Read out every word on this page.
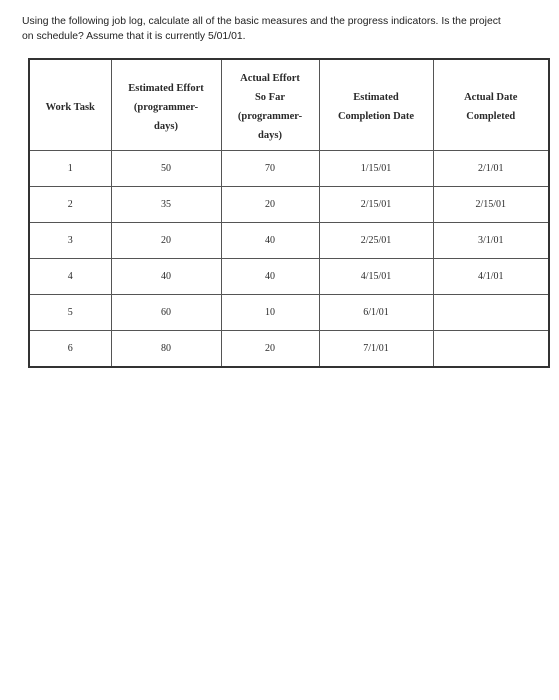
Using the following job log, calculate all of the basic measures and the progress indicators. Is the project
on schedule? Assume that it is currently 5/01/01.
Work Task	Estimated Effort
(programmer-
days)	Actual Effort
So Far
(programmer-
days)	Estimated
Completion Date	Actual Date
Completed

1	50	70	1/15/01	2/1/01
2	35	20	2/15/01	2/15/01
3	20	40	2/25/01	3/1/01
4	40	40	4/15/01	4/1/01
5	60	10	6/1/01	
6	80	20	7/1/01	
